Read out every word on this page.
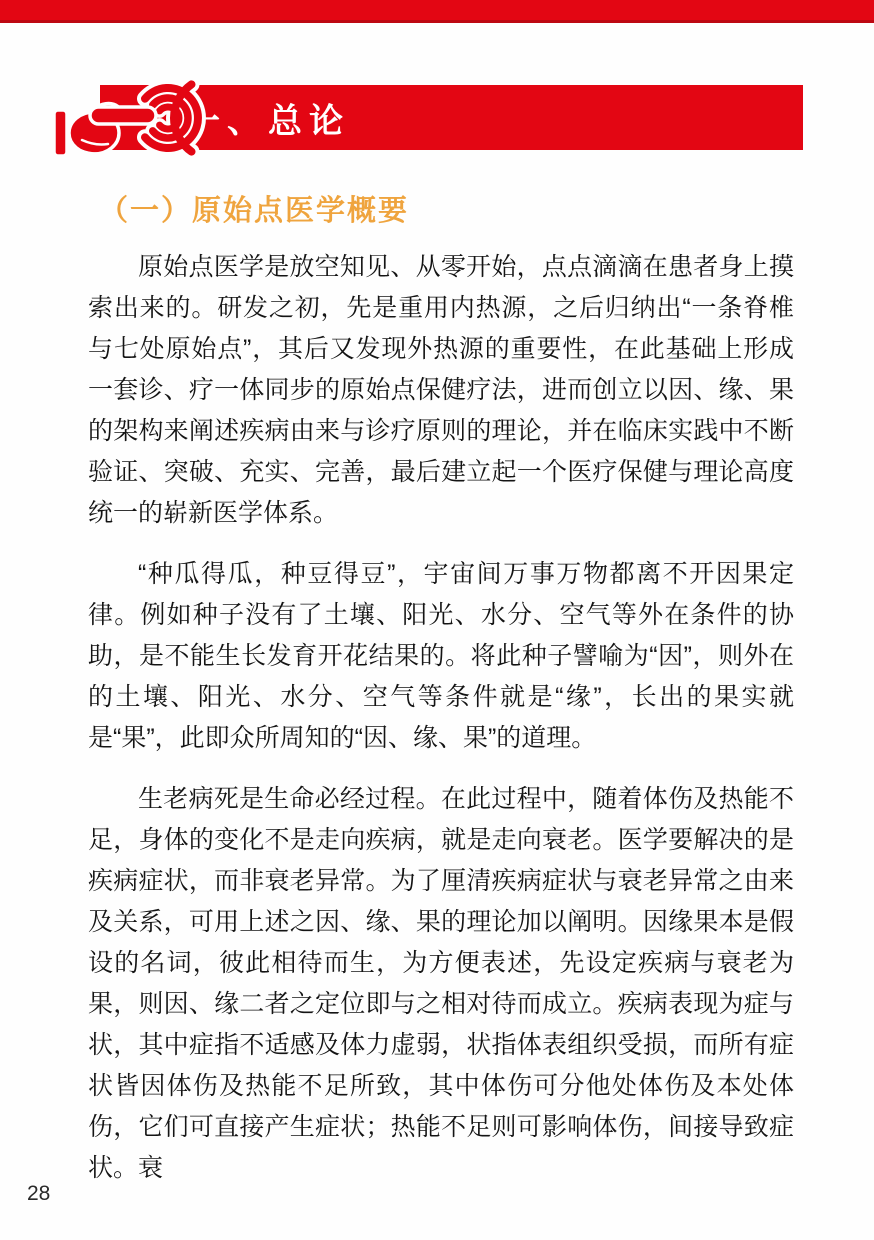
一、总论
（一）原始点医学概要

原始点医学是放空知见、从零开始，点点滴滴在患者身上摸索出来的。研发之初，先是重用内热源，之后归纳出“一条脊椎与七处原始点”，其后又发现外热源的重要性，在此基础上形成一套诊、疗一体同步的原始点保健疗法，进而创立以因、缘、果的架构来阐述疾病由来与诊疗原则的理论，并在临床实践中不断验证、突破、充实、完善，最后建立起一个医疗保健与理论高度统一的崭新医学体系。

“种瓜得瓜，种豆得豆”，宇宙间万事万物都离不开因果定律。例如种子没有了土壤、阳光、水分、空气等外在条件的协助，是不能生长发育开花结果的。将此种子譬喻为“因”，则外在的土壤、阳光、水分、空气等条件就是“缘”，长出的果实就是“果”，此即众所周知的“因、缘、果”的道理。

生老病死是生命必经过程。在此过程中，随着体伤及热能不足，身体的变化不是走向疾病，就是走向衰老。医学要解决的是疾病症状，而非衰老异常。为了厘清疾病症状与衰老异常之由来及关系，可用上述之因、缘、果的理论加以阐明。因缘果本是假设的名词，彼此相待而生，为方便表述，先设定疾病与衰老为果，则因、缘二者之定位即与之相对待而成立。疾病表现为症与状，其中症指不适感及体力虚弱，状指体表组织受损，而所有症状皆因体伤及热能不足所致，其中体伤可分他处体伤及本处体伤，它们可直接产生症状；热能不足则可影响体伤，间接导致症状。衰

28
